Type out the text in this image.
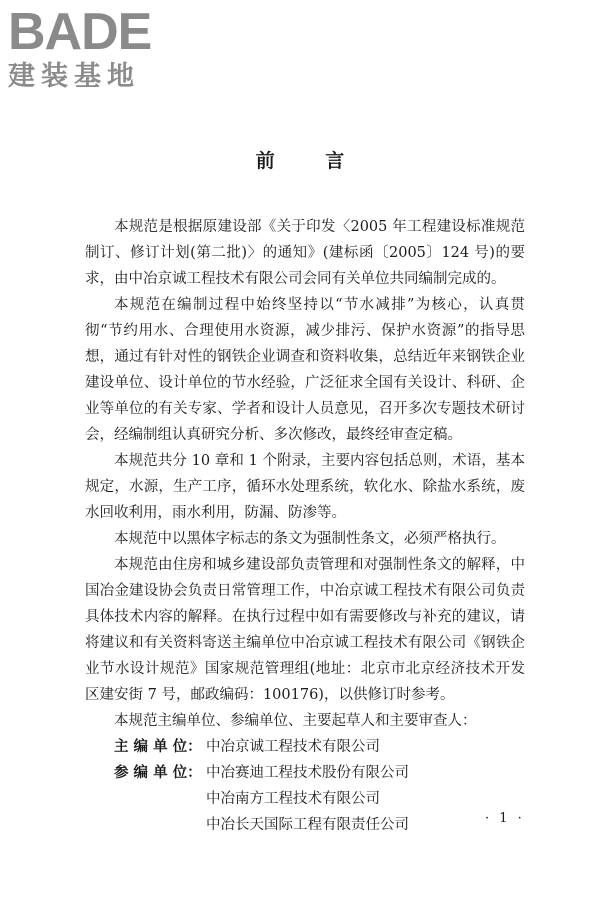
BADE
建装基地
前 言

本规范是根据原建设部《关于印发〈2005 年工程建设标准规范制订、修订计划(第二批)〉的通知》(建标函〔2005〕124 号)的要求，由中冶京诚工程技术有限公司会同有关单位共同编制完成的。

本规范在编制过程中始终坚持以“节水减排”为核心，认真贯彻“节约用水、合理使用水资源，减少排污、保护水资源”的指导思想，通过有针对性的钢铁企业调查和资料收集，总结近年来钢铁企业建设单位、设计单位的节水经验，广泛征求全国有关设计、科研、企业等单位的有关专家、学者和设计人员意见，召开多次专题技术研讨会，经编制组认真研究分析、多次修改，最终经审查定稿。

本规范共分 10 章和 1 个附录，主要内容包括总则，术语，基本规定，水源，生产工序，循环水处理系统，软化水、除盐水系统，废水回收利用，雨水利用，防漏、防渗等。

本规范中以黑体字标志的条文为强制性条文，必须严格执行。

本规范由住房和城乡建设部负责管理和对强制性条文的解释，中国冶金建设协会负责日常管理工作，中冶京诚工程技术有限公司负责具体技术内容的解释。在执行过程中如有需要修改与补充的建议，请将建议和有关资料寄送主编单位中冶京诚工程技术有限公司《钢铁企业节水设计规范》国家规范管理组(地址：北京市北京经济技术开发区建安街 7 号，邮政编码：100176)，以供修订时参考。

本规范主编单位、参编单位、主要起草人和主要审查人：

主 编 单 位： 中冶京诚工程技术有限公司
参 编 单 位： 中冶赛迪工程技术股份有限公司
中冶南方工程技术有限公司
中冶长天国际工程有限责任公司	· 1 ·
